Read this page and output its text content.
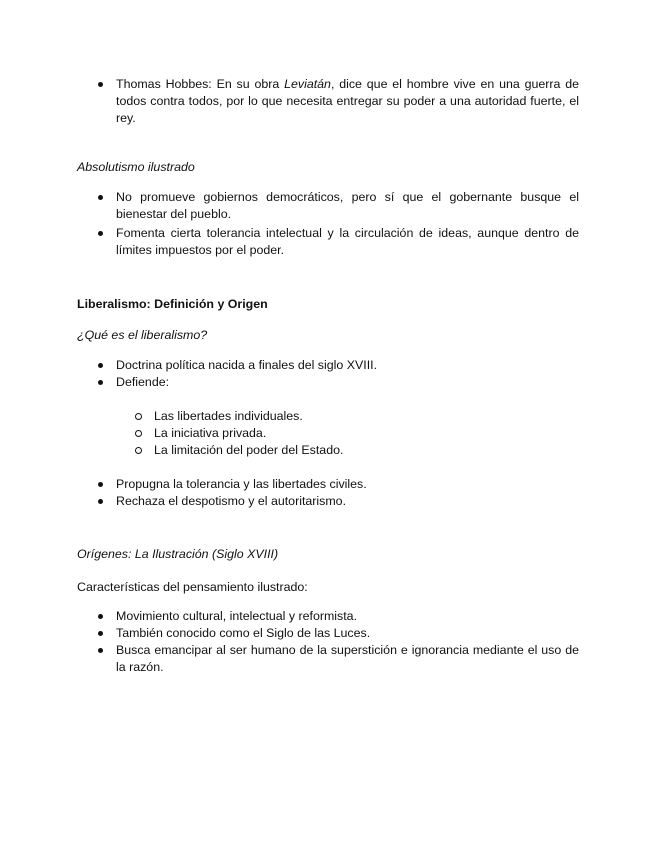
Thomas Hobbes: En su obra Leviatán, dice que el hombre vive en una guerra de todos contra todos, por lo que necesita entregar su poder a una autoridad fuerte, el rey.
Absolutismo ilustrado
No promueve gobiernos democráticos, pero sí que el gobernante busque el bienestar del pueblo.
Fomenta cierta tolerancia intelectual y la circulación de ideas, aunque dentro de límites impuestos por el poder.
Liberalismo: Definición y Origen
¿Qué es el liberalismo?
Doctrina política nacida a finales del siglo XVIII.
Defiende:
Las libertades individuales.
La iniciativa privada.
La limitación del poder del Estado.
Propugna la tolerancia y las libertades civiles.
Rechaza el despotismo y el autoritarismo.
Orígenes: La Ilustración (Siglo XVIII)
Características del pensamiento ilustrado:
Movimiento cultural, intelectual y reformista.
También conocido como el Siglo de las Luces.
Busca emancipar al ser humano de la superstición e ignorancia mediante el uso de la razón.
